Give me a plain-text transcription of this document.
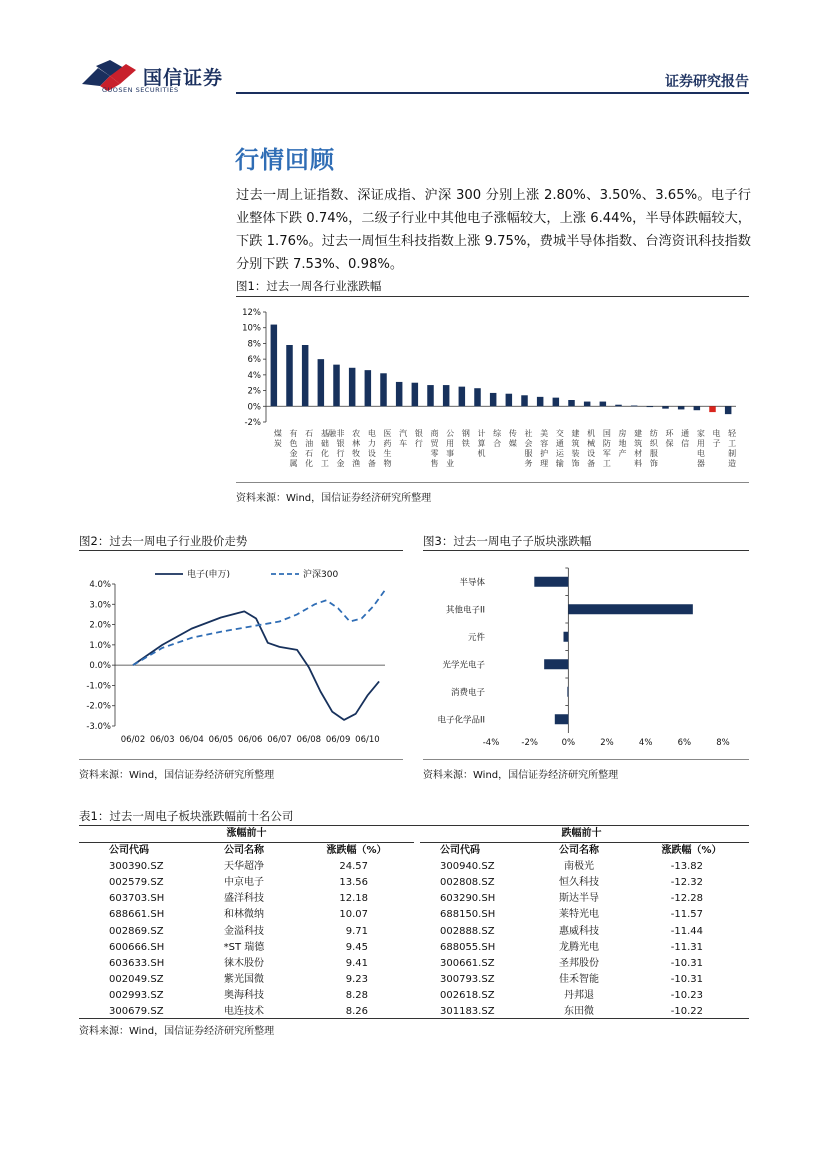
国信证券
GUOSEN SECURITIES	证券研究报告
行情回顾
过去一周上证指数、深证成指、沪深 300 分别上涨 2.80%、3.50%、3.65%。电子行业整体下跌 0.74%，二级子行业中其他电子涨幅较大，上涨 6.44%，半导体跌幅较大，下跌 1.76%。过去一周恒生科技指数上涨 9.75%，费城半导体指数、台湾资讯科技指数分别下跌 7.53%、0.98%。
图1：过去一周各行业涨跌幅
12%
10%
8%
6%
4%
2%
0%
-2%
煤
炭
有
色
金
属
石
油
石
化
基
础
化
工
非
银
行
金
融 农
林
牧
渔
电
力
设
备
医
药
生
物
汽
车
银
行
商
贸
零
售
公
用
事
业
钢
铁
计
算
机
综
合
传
媒
社
会
服
务
美
容
护
理
交
通
运
输
建
筑
装
饰
机
械
设
备
国
防
军
工
房
地
产
建
筑
材
料
纺
织
服
饰
环
保
通
信
家
用
电
器
电
子
轻
工
制
造
资料来源：Wind，国信证券经济研究所整理
图2：过去一周电子行业股价走势
4.0%
3.0%
2.0%
1.0%
0.0%
-1.0%
-2.0%
-3.0%
06/02 06/03 06/04 06/05 06/06 06/07 06/08 06/09 06/10
电子(申万)	沪深300
资料来源：Wind，国信证券经济研究所整理
图3：过去一周电子子版块涨跌幅
半导体
其他电子II
元件
光学光电子
消费电子
电子化学品II
-4%	-2%	0%	2%	4%	6%	8%
资料来源：Wind，国信证券经济研究所整理
表1：过去一周电子板块涨跌幅前十名公司
涨幅前十	跌幅前十
公司代码	公司名称	涨跌幅（%）	公司代码	公司名称	涨跌幅（%）
300390.SZ	天华超净	24.57	300940.SZ	南极光	-13.82
002579.SZ	中京电子	13.56	002808.SZ	恒久科技	-12.32
603703.SH	盛洋科技	12.18	603290.SH	斯达半导	-12.28
688661.SH	和林微纳	10.07	688150.SH	莱特光电	-11.57
002869.SZ	金溢科技	9.71	002888.SZ	惠威科技	-11.44
600666.SH	*ST 瑞德	9.45	688055.SH	龙腾光电	-11.31
603633.SH	徕木股份	9.41	300661.SZ	圣邦股份	-10.31
002049.SZ	紫光国微	9.23	300793.SZ	佳禾智能	-10.31
002993.SZ	奥海科技	8.28	002618.SZ	丹邦退	-10.23
300679.SZ	电连技术	8.26	301183.SZ	东田微	-10.22
资料来源：Wind，国信证券经济研究所整理
